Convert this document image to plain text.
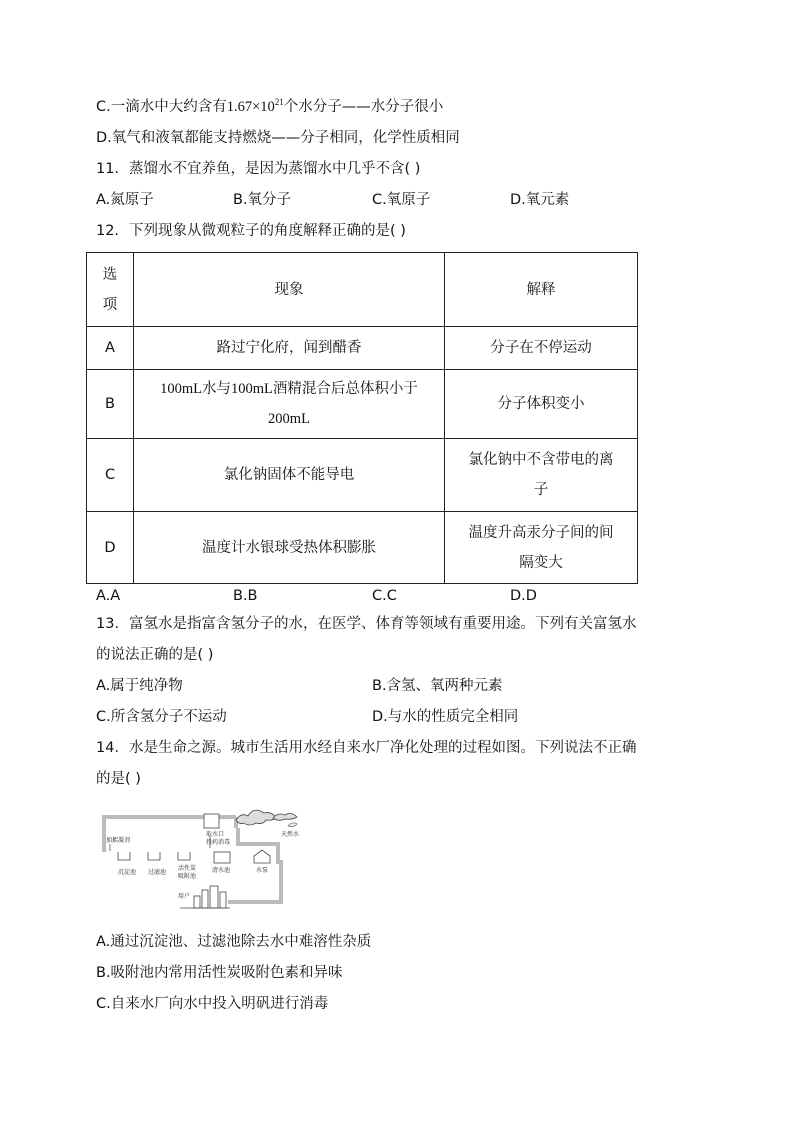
C.一滴水中大约含有$1.67\times 10^{21}$个水分子——水分子很小
D.氧气和液氧都能支持燃烧——分子相同，化学性质相同
11．蒸馏水不宜养鱼，是因为蒸馏水中几乎不含( )
A.氮原子	B.氧分子	C.氧原子	D.氧元素
12．下列现象从微观粒子的角度解释正确的是( )
选
项	现象	解释
A	路过宁化府，闻到醋香	分子在不停运动
B	100mL水与100mL酒精混合后总体积小于
200mL	分子体积变小
C	氯化钠固体不能导电	氯化钠中不含带电的离
子
D	温度计水银球受热体积膨胀	温度升高汞分子间的间
隔变大
A.A	B.B	C.C	D.D
13．富氢水是指富含氢分子的水，在医学、体育等领域有重要用途。下列有关富氢水
的说法正确的是( )
A.属于纯净物	B.含氢、氧两种元素
C.所含氢分子不运动	D.与水的性质完全相同
14．水是生命之源。城市生活用水经自来水厂净化处理的过程如图。下列说法不正确
的是( )
加絮凝剂
取水口
投药消毒
天然水
沉淀池 过滤池
活性炭
吸附池
清水池	水泵
用户
A.通过沉淀池、过滤池除去水中难溶性杂质
B.吸附池内常用活性炭吸附色素和异味
C.自来水厂向水中投入明矾进行消毒
